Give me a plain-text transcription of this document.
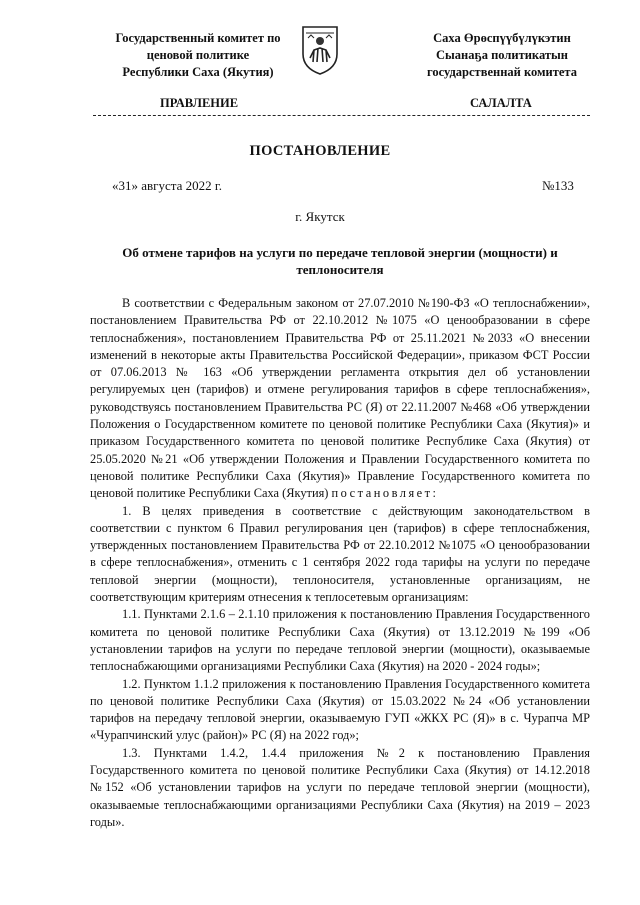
Государственный комитет по
ценовой политике
Республики Саха (Якутия)
Саха Өрөспүүбүлүкэтин
Сыанаҕа политикатын
государственнай комитета
ПРАВЛЕНИЕ	САЛАЛТА
ПОСТАНОВЛЕНИЕ
«31» августа 2022 г.	№133
г. Якутск
Об отмене тарифов на услуги по передаче тепловой энергии (мощности) и теплоносителя

В соответствии с Федеральным законом от 27.07.2010 №190-ФЗ «О теплоснабжении», постановлением Правительства РФ от 22.10.2012 №1075 «О ценообразовании в сфере теплоснабжения», постановлением Правительства РФ от 25.11.2021 №2033 «О внесении изменений в некоторые акты Правительства Российской Федерации», приказом ФСТ России от 07.06.2013 № 163 «Об утверждении регламента открытия дел об установлении регулируемых цен (тарифов) и отмене регулирования тарифов в сфере теплоснабжения», руководствуясь постановлением Правительства РС (Я) от 22.11.2007 №468 «Об утверждении Положения о Государственном комитете по ценовой политике Республики Саха (Якутия)» и приказом Государственного комитета по ценовой политике Республике Саха (Якутия) от 25.05.2020 №21 «Об утверждении Положения и Правлении Государственного комитета по ценовой политике Республики Саха (Якутия)» Правление Государственного комитета по ценовой политике Республики Саха (Якутия) постановляет:

1. В целях приведения в соответствие с действующим законодательством в соответствии с пунктом 6 Правил регулирования цен (тарифов) в сфере теплоснабжения, утвержденных постановлением Правительства РФ от 22.10.2012 №1075 «О ценообразовании в сфере теплоснабжения», отменить с 1 сентября 2022 года тарифы на услуги по передаче тепловой энергии (мощности), теплоносителя, установленные организациям, не соответствующим критериям отнесения к теплосетевым организациям:

1.1. Пунктами 2.1.6 – 2.1.10 приложения к постановлению Правления Государственного комитета по ценовой политике Республики Саха (Якутия) от 13.12.2019 №199 «Об установлении тарифов на услуги по передаче тепловой энергии (мощности), оказываемые теплоснабжающими организациями Республики Саха (Якутия) на 2020 - 2024 годы»;

1.2. Пунктом 1.1.2 приложения к постановлению Правления Государственного комитета по ценовой политике Республики Саха (Якутия) от 15.03.2022 №24 «Об установлении тарифов на передачу тепловой энергии, оказываемую ГУП «ЖКХ РС (Я)» в с. Чурапча МР «Чурапчинский улус (район)» РС (Я) на 2022 год»;

1.3. Пунктами 1.4.2, 1.4.4 приложения №2 к постановлению Правления Государственного комитета по ценовой политике Республики Саха (Якутия) от 14.12.2018 №152 «Об установлении тарифов на услуги по передаче тепловой энергии (мощности), оказываемые теплоснабжающими организациями Республики Саха (Якутия) на 2019 – 2023 годы».
